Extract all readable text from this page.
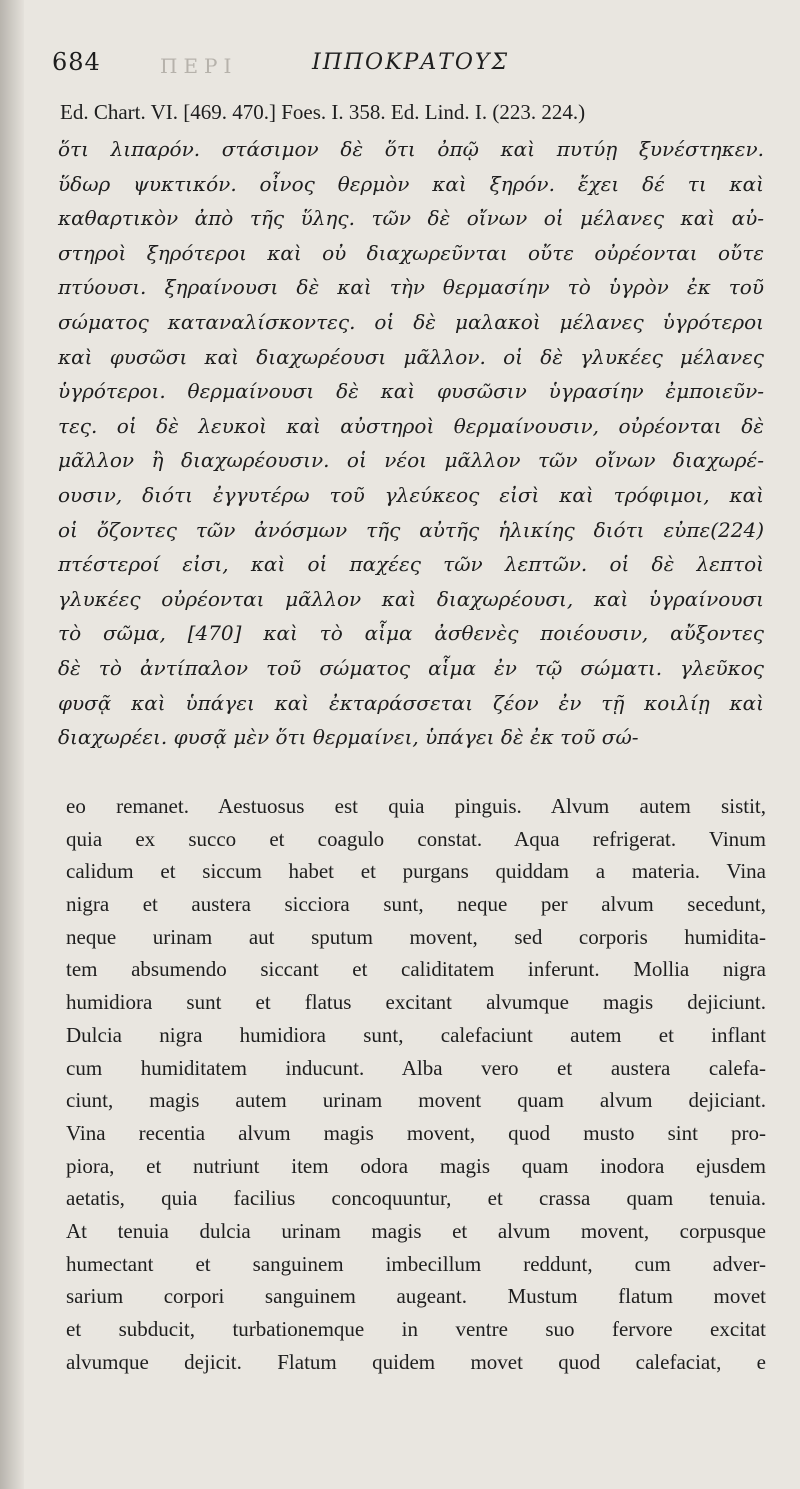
684	ΙΠΠΟΚΡΑΤΟΥΣ
ΠΕΡΙ
Ed. Chart. VI. [469. 470.] Foes. I. 358. Ed. Lind. I. (223. 224.)
ὅτι λιπαρόν. στάσιμον δὲ ὅτι ὀπῷ καὶ πυτύῃ ξυνέστηκεν.
ὕδωρ ψυκτικόν. οἶνος θερμὸν καὶ ξηρόν. ἔχει δέ τι καὶ
καθαρτικὸν ἀπὸ τῆς ὕλης. τῶν δὲ οἴνων οἱ μέλανες καὶ αὐ-
στηροὶ ξηρότεροι καὶ οὐ διαχωρεῦνται οὔτε οὐρέονται οὔτε
πτύουσι. ξηραίνουσι δὲ καὶ τὴν θερμασίην τὸ ὑγρὸν ἐκ τοῦ
σώματος καταναλίσκοντες. οἱ δὲ μαλακοὶ μέλανες ὑγρότεροι
καὶ φυσῶσι καὶ διαχωρέουσι μᾶλλον. οἱ δὲ γλυκέες μέλανες
ὑγρότεροι. θερμαίνουσι δὲ καὶ φυσῶσιν ὑγρασίην ἐμποιεῦν-
τες. οἱ δὲ λευκοὶ καὶ αὐστηροὶ θερμαίνουσιν, οὐρέονται δὲ
μᾶλλον ἢ διαχωρέουσιν. οἱ νέοι μᾶλλον τῶν οἴνων διαχωρέ-
ουσιν, διότι ἐγγυτέρω τοῦ γλεύκεος εἰσὶ καὶ τρόφιμοι, καὶ
οἱ ὄζοντες τῶν ἀνόσμων τῆς αὐτῆς ἡλικίης διότι εὐπε(224)
πτέστεροί εἰσι, καὶ οἱ παχέες τῶν λεπτῶν. οἱ δὲ λεπτοὶ
γλυκέες οὐρέονται μᾶλλον καὶ διαχωρέουσι, καὶ ὑγραίνουσι
τὸ σῶμα, [470] καὶ τὸ αἷμα ἀσθενὲς ποιέουσιν, αὔξοντες
δὲ τὸ ἀντίπαλον τοῦ σώματος αἷμα ἐν τῷ σώματι. γλεῦκος
φυσᾷ καὶ ὑπάγει καὶ ἐκταράσσεται ζέον ἐν τῇ κοιλίῃ καὶ
διαχωρέει. φυσᾷ μὲν ὅτι θερμαίνει, ὑπάγει δὲ ἐκ τοῦ σώ-
eo remanet. Aestuosus est quia pinguis. Alvum autem sistit,
quia ex succo et coagulo constat. Aqua refrigerat. Vinum
calidum et siccum habet et purgans quiddam a materia. Vina
nigra et austera sicciora sunt, neque per alvum secedunt,
neque urinam aut sputum movent, sed corporis humidita-
tem absumendo siccant et caliditatem inferunt. Mollia nigra
humidiora sunt et flatus excitant alvumque magis dejiciunt.
Dulcia nigra humidiora sunt, calefaciunt autem et inflant
cum humiditatem inducunt. Alba vero et austera calefa-
ciunt, magis autem urinam movent quam alvum dejiciant.
Vina recentia alvum magis movent, quod musto sint pro-
piora, et nutriunt item odora magis quam inodora ejusdem
aetatis, quia facilius concoquuntur, et crassa quam tenuia.
At tenuia dulcia urinam magis et alvum movent, corpusque
humectant et sanguinem imbecillum reddunt, cum adver-
sarium corpori sanguinem augeant. Mustum flatum movet
et subducit, turbationemque in ventre suo fervore excitat
alvumque dejicit. Flatum quidem movet quod calefaciat, e
